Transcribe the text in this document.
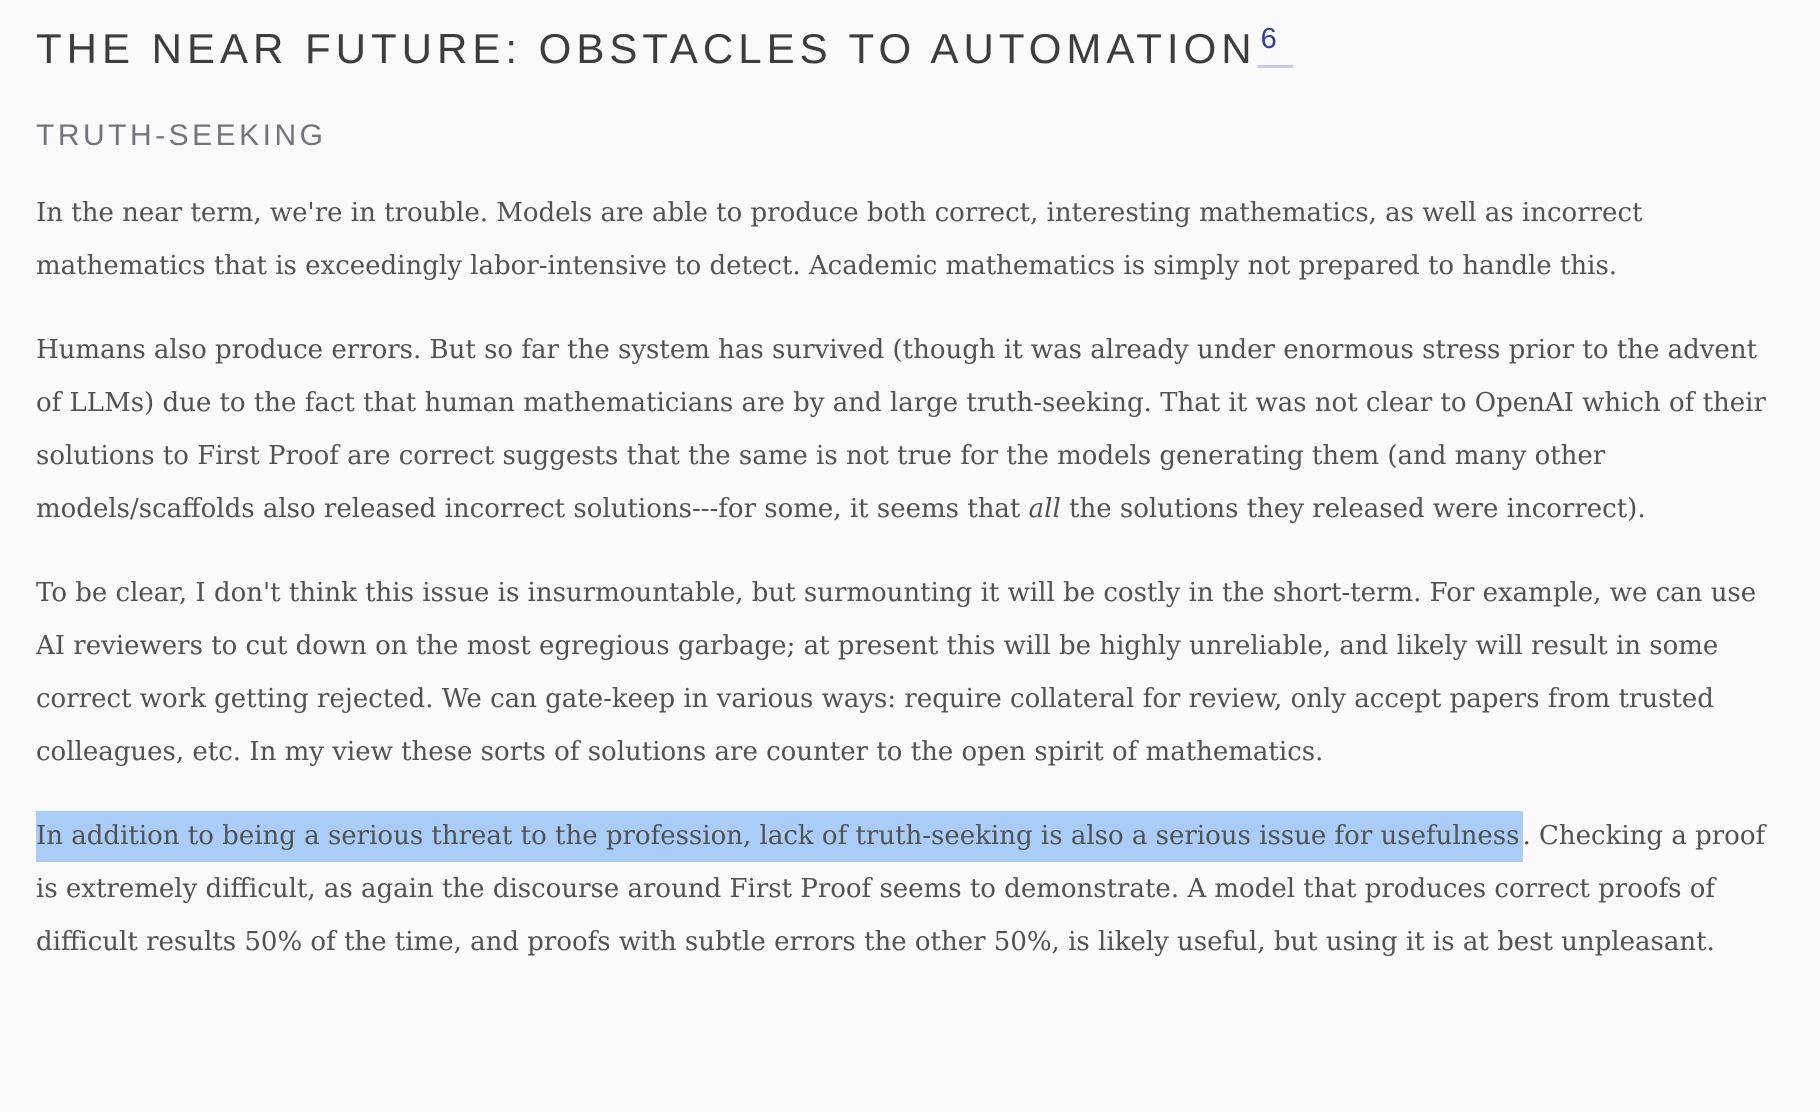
THE NEAR FUTURE: OBSTACLES TO AUTOMATION 6
TRUTH-SEEKING

In the near term, we're in trouble. Models are able to produce both correct, interesting mathematics, as well as incorrect mathematics that is exceedingly labor-intensive to detect. Academic mathematics is simply not prepared to handle this.

Humans also produce errors. But so far the system has survived (though it was already under enormous stress prior to the advent of LLMs) due to the fact that human mathematicians are by and large truth-seeking. That it was not clear to OpenAI which of their solutions to First Proof are correct suggests that the same is not true for the models generating them (and many other models/scaffolds also released incorrect solutions---for some, it seems that all the solutions they released were incorrect).

To be clear, I don't think this issue is insurmountable, but surmounting it will be costly in the short-term. For example, we can use AI reviewers to cut down on the most egregious garbage; at present this will be highly unreliable, and likely will result in some correct work getting rejected. We can gate-keep in various ways: require collateral for review, only accept papers from trusted colleagues, etc. In my view these sorts of solutions are counter to the open spirit of mathematics.

In addition to being a serious threat to the profession, lack of truth-seeking is also a serious issue for usefulness . Checking a proof is extremely difficult, as again the discourse around First Proof seems to demonstrate. A model that produces correct proofs of difficult results 50% of the time, and proofs with subtle errors the other 50%, is likely useful, but using it is at best unpleasant.
